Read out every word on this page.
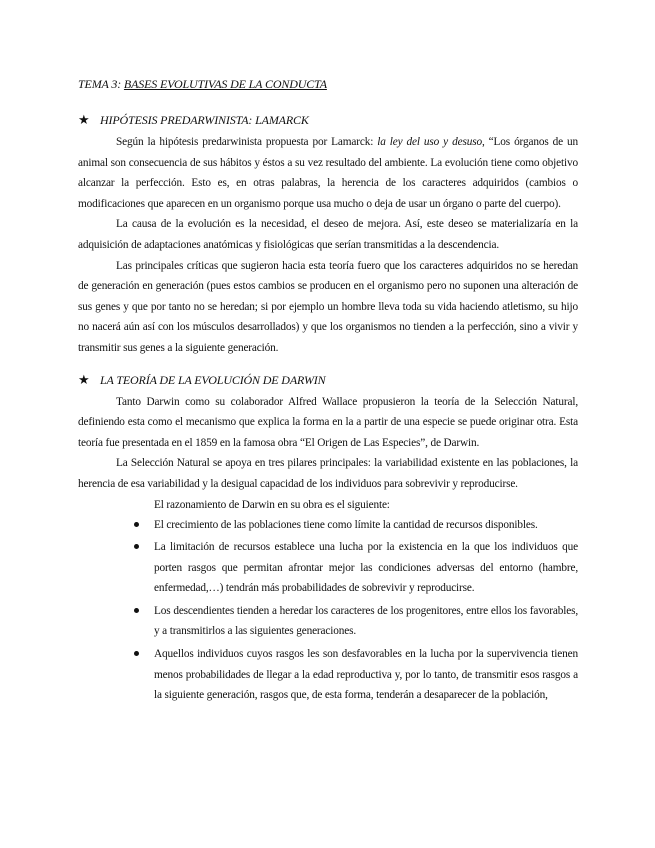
TEMA 3: BASES EVOLUTIVAS DE LA CONDUCTA
★ HIPÓTESIS PREDARWINISTA: LAMARCK

Según la hipótesis predarwinista propuesta por Lamarck: la ley del uso y desuso, “Los órganos de un animal son consecuencia de sus hábitos y éstos a su vez resultado del ambiente. La evolución tiene como objetivo alcanzar la perfección. Esto es, en otras palabras, la herencia de los caracteres adquiridos (cambios o modificaciones que aparecen en un organismo porque usa mucho o deja de usar un órgano o parte del cuerpo).

La causa de la evolución es la necesidad, el deseo de mejora. Así, este deseo se materializaría en la adquisición de adaptaciones anatómicas y fisiológicas que serían transmitidas a la descendencia.

Las principales críticas que sugieron hacia esta teoría fuero que los caracteres adquiridos no se heredan de generación en generación (pues estos cambios se producen en el organismo pero no suponen una alteración de sus genes y que por tanto no se heredan; si por ejemplo un hombre lleva toda su vida haciendo atletismo, su hijo no nacerá aún así con los músculos desarrollados) y que los organismos no tienden a la perfección, sino a vivir y transmitir sus genes a la siguiente generación.

★ LA TEORÍA DE LA EVOLUCIÓN DE DARWIN

Tanto Darwin como su colaborador Alfred Wallace propusieron la teoría de la Selección Natural, definiendo esta como el mecanismo que explica la forma en la a partir de una especie se puede originar otra. Esta teoría fue presentada en el 1859 en la famosa obra “El Origen de Las Especies”, de Darwin.

La Selección Natural se apoya en tres pilares principales: la variabilidad existente en las poblaciones, la herencia de esa variabilidad y la desigual capacidad de los individuos para sobrevivir y reproducirse.

El razonamiento de Darwin en su obra es el siguiente:

El crecimiento de las poblaciones tiene como límite la cantidad de recursos disponibles.
La limitación de recursos establece una lucha por la existencia en la que los individuos que porten rasgos que permitan afrontar mejor las condiciones adversas del entorno (hambre, enfermedad,…) tendrán más probabilidades de sobrevivir y reproducirse.
Los descendientes tienden a heredar los caracteres de los progenitores, entre ellos los favorables, y a transmitirlos a las siguientes generaciones.
Aquellos individuos cuyos rasgos les son desfavorables en la lucha por la supervivencia tienen menos probabilidades de llegar a la edad reproductiva y, por lo tanto, de transmitir esos rasgos a la siguiente generación, rasgos que, de esta forma, tenderán a desaparecer de la población,
